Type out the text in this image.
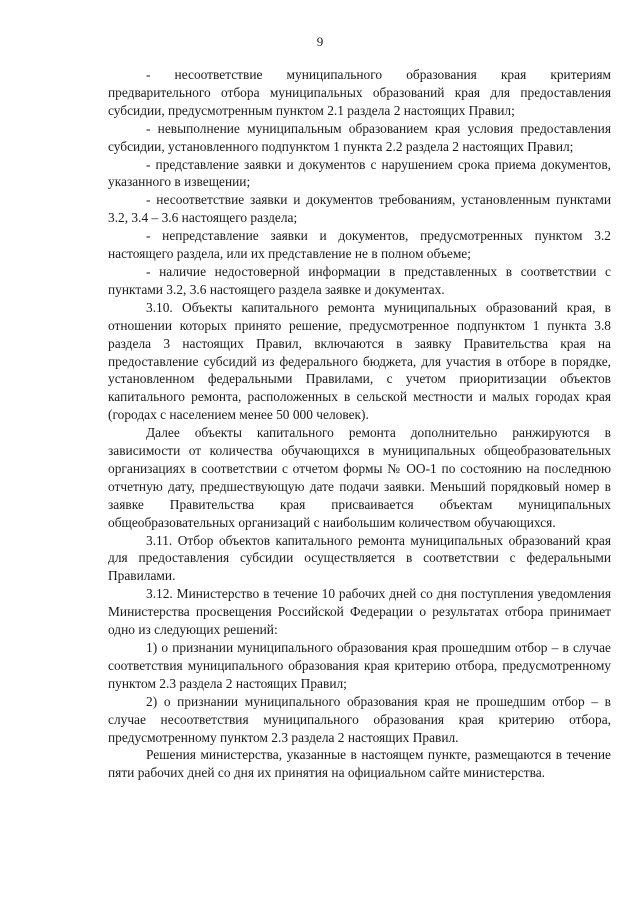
9

- несоответствие муниципального образования края критериям предварительного отбора муниципальных образований края для предоставления субсидии, предусмотренным пунктом 2.1 раздела 2 настоящих Правил;

- невыполнение муниципальным образованием края условия предоставления субсидии, установленного подпунктом 1 пункта 2.2 раздела 2 настоящих Правил;

- представление заявки и документов с нарушением срока приема документов, указанного в извещении;

- несоответствие заявки и документов требованиям, установленным пунктами 3.2, 3.4 – 3.6 настоящего раздела;

- непредставление заявки и документов, предусмотренных пунктом 3.2 настоящего раздела, или их представление не в полном объеме;

- наличие недостоверной информации в представленных в соответствии с пунктами 3.2, 3.6 настоящего раздела заявке и документах.

3.10. Объекты капитального ремонта муниципальных образований края, в отношении которых принято решение, предусмотренное подпунктом 1 пункта 3.8 раздела 3 настоящих Правил, включаются в заявку Правительства края на предоставление субсидий из федерального бюджета, для участия в отборе в порядке, установленном федеральными Правилами, с учетом приоритизации объектов капитального ремонта, расположенных в сельской местности и малых городах края (городах с населением менее 50 000 человек).

Далее объекты капитального ремонта дополнительно ранжируются в зависимости от количества обучающихся в муниципальных общеобразовательных организациях в соответствии с отчетом формы № ОО-1 по состоянию на последнюю отчетную дату, предшествующую дате подачи заявки. Меньший порядковый номер в заявке Правительства края присваивается объектам муниципальных общеобразовательных организаций с наибольшим количеством обучающихся.

3.11. Отбор объектов капитального ремонта муниципальных образований края для предоставления субсидии осуществляется в соответствии с федеральными Правилами.

3.12. Министерство в течение 10 рабочих дней со дня поступления уведомления Министерства просвещения Российской Федерации о результатах отбора принимает одно из следующих решений:

1) о признании муниципального образования края прошедшим отбор – в случае соответствия муниципального образования края критерию отбора, предусмотренному пунктом 2.3 раздела 2 настоящих Правил;

2) о признании муниципального образования края не прошедшим отбор – в случае несоответствия муниципального образования края критерию отбора, предусмотренному пунктом 2.3 раздела 2 настоящих Правил.

Решения министерства, указанные в настоящем пункте, размещаются в течение пяти рабочих дней со дня их принятия на официальном сайте министерства.
